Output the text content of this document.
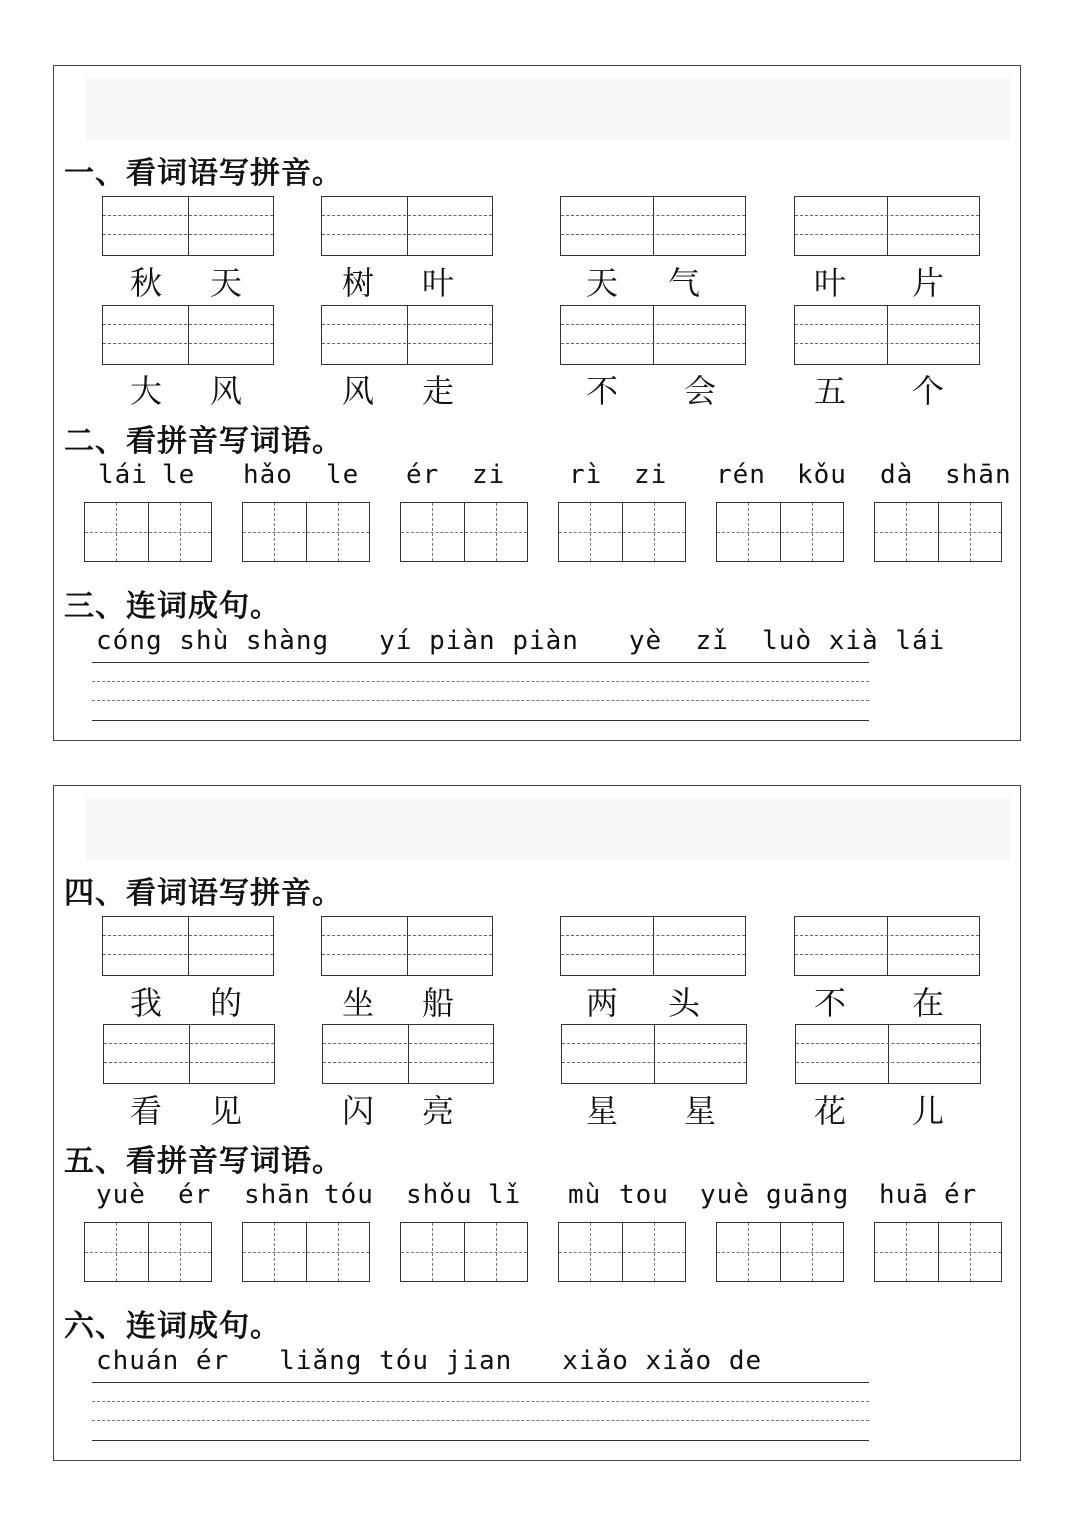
一、看词语写拼音。
秋 天	树 叶	天 气	叶 片
大 风	风 走	不 会	五 个
二、看拼音写词语。
lái le hǎo le ér zi rì zi rén kǒu dà shān
三、连词成句。
cóng shù shàng   yí piàn piàn   yè  zǐ  luò xià lái
四、看词语写拼音。
我 的	坐 船	两 头	不 在
看 见	闪 亮	星 星	花 儿
五、看拼音写词语。
yuè ér shān tóu shǒu lǐ mù tou yuè guāng huā ér
六、连词成句。
chuán ér   liǎng tóu jian   xiǎo xiǎo de
